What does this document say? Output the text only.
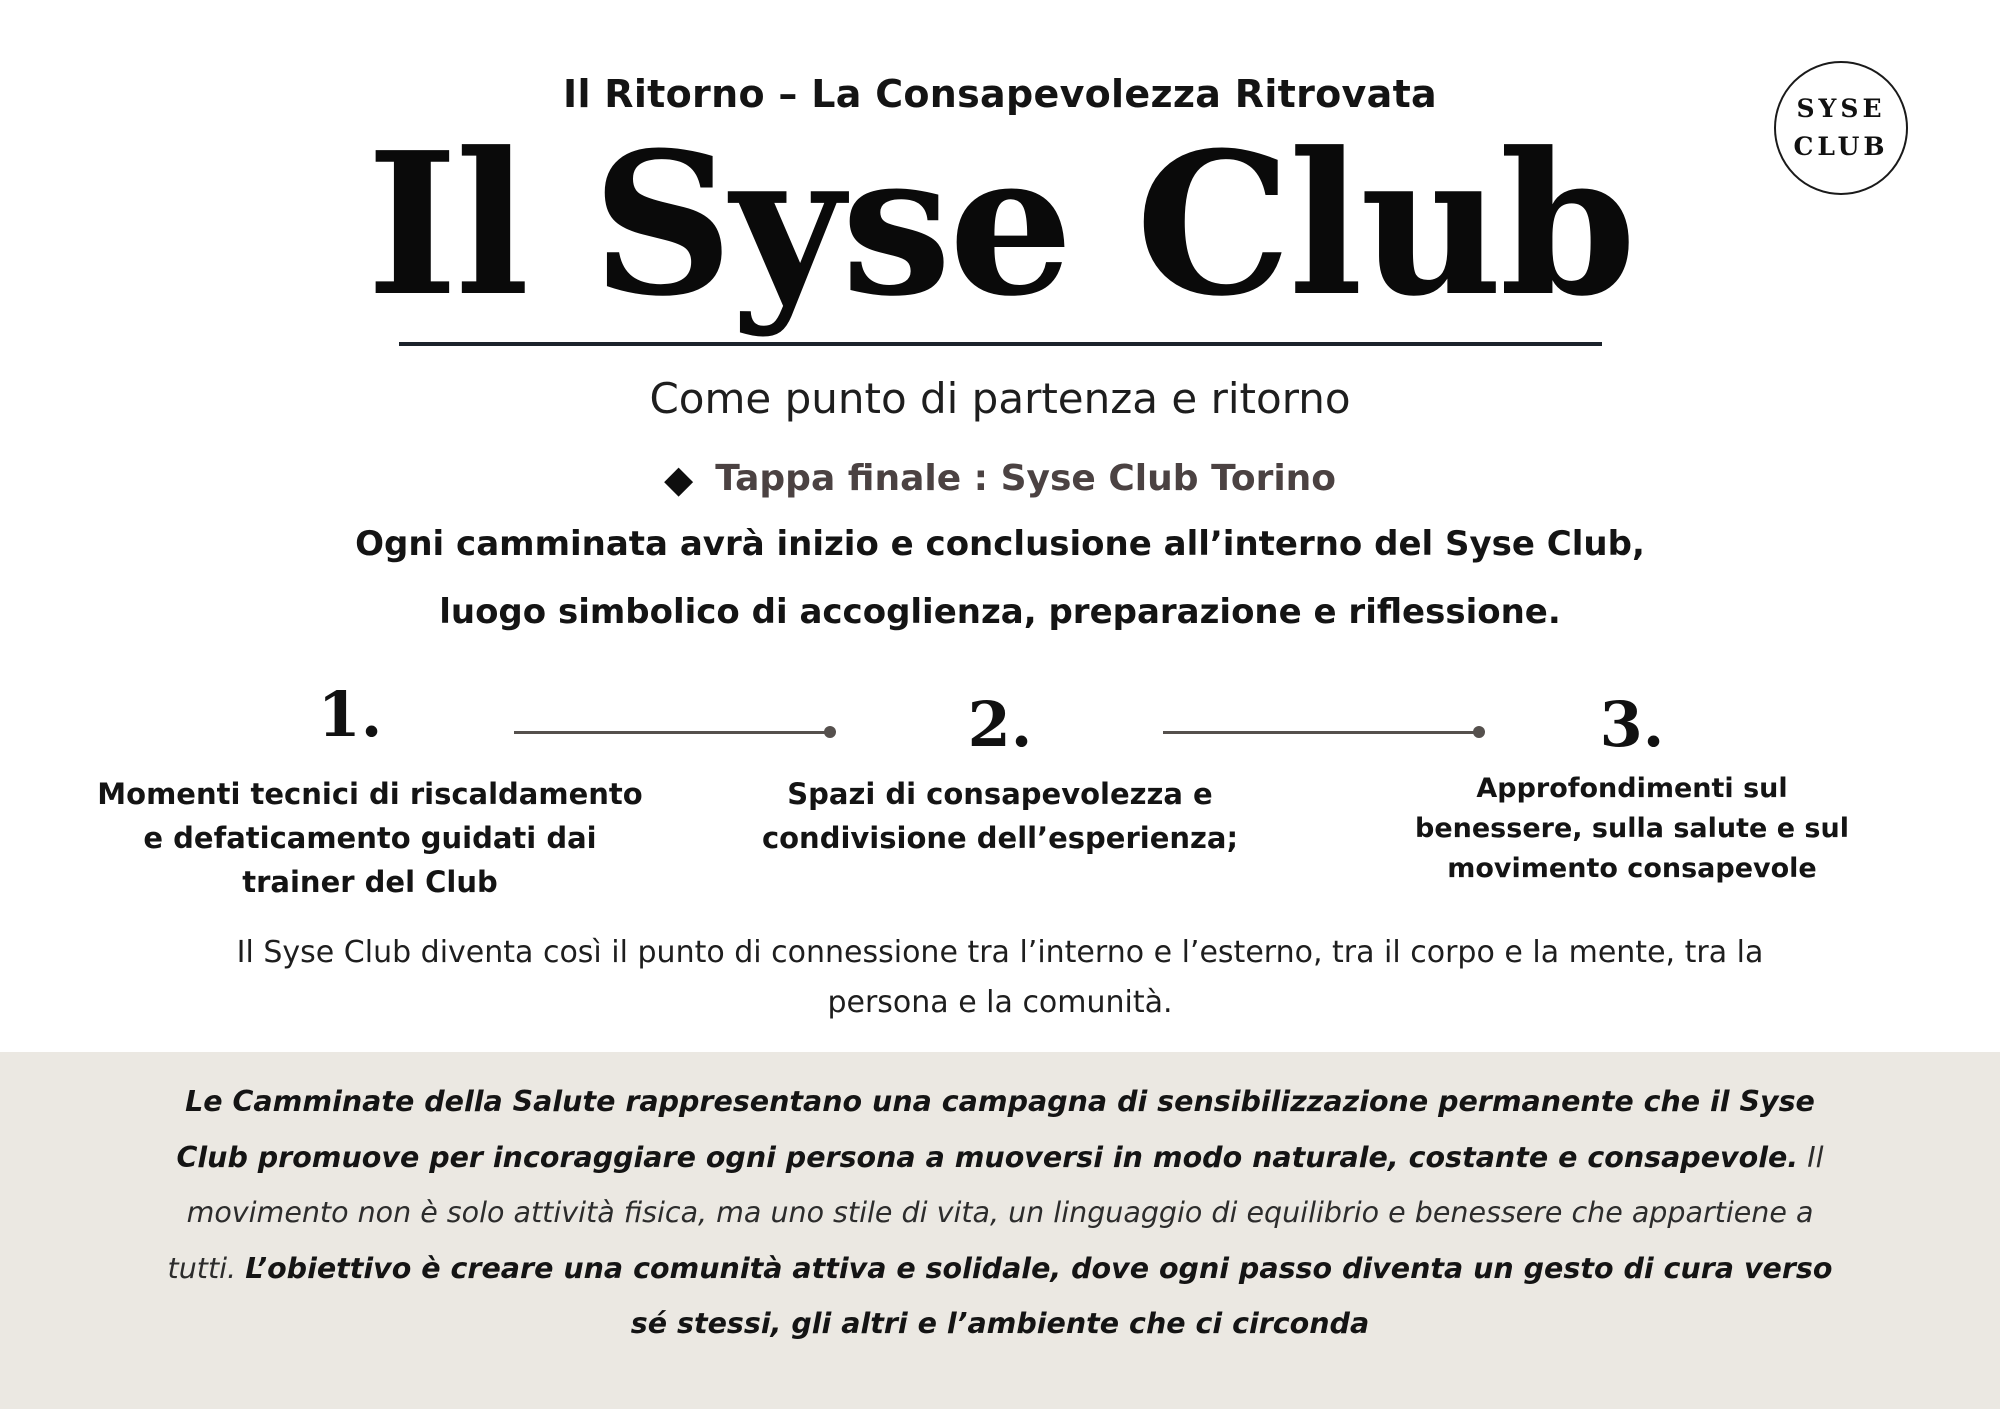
Il Ritorno – La Consapevolezza Ritrovata
Il Syse Club
SYSE
CLUB
Come punto di partenza e ritorno
◆ Tappa finale : Syse Club Torino
Ogni camminata avrà inizio e conclusione all’interno del Syse Club,
luogo simbolico di accoglienza, preparazione e riflessione.
1.
Momenti tecnici di riscaldamento
e defaticamento guidati dai
trainer del Club
2.
Spazi di consapevolezza e
condivisione dell’esperienza;
3.
Approfondimenti sul
benessere, sulla salute e sul
movimento consapevole
Il Syse Club diventa così il punto di connessione tra l’interno e l’esterno, tra il corpo e la mente, tra la persona e la comunità.
Le Camminate della Salute rappresentano una campagna di sensibilizzazione permanente che il Syse Club promuove per incoraggiare ogni persona a muoversi in modo naturale, costante e consapevole. Il movimento non è solo attività fisica, ma uno stile di vita, un linguaggio di equilibrio e benessere che appartiene a tutti. L’obiettivo è creare una comunità attiva e solidale, dove ogni passo diventa un gesto di cura verso sé stessi, gli altri e l’ambiente che ci circonda
